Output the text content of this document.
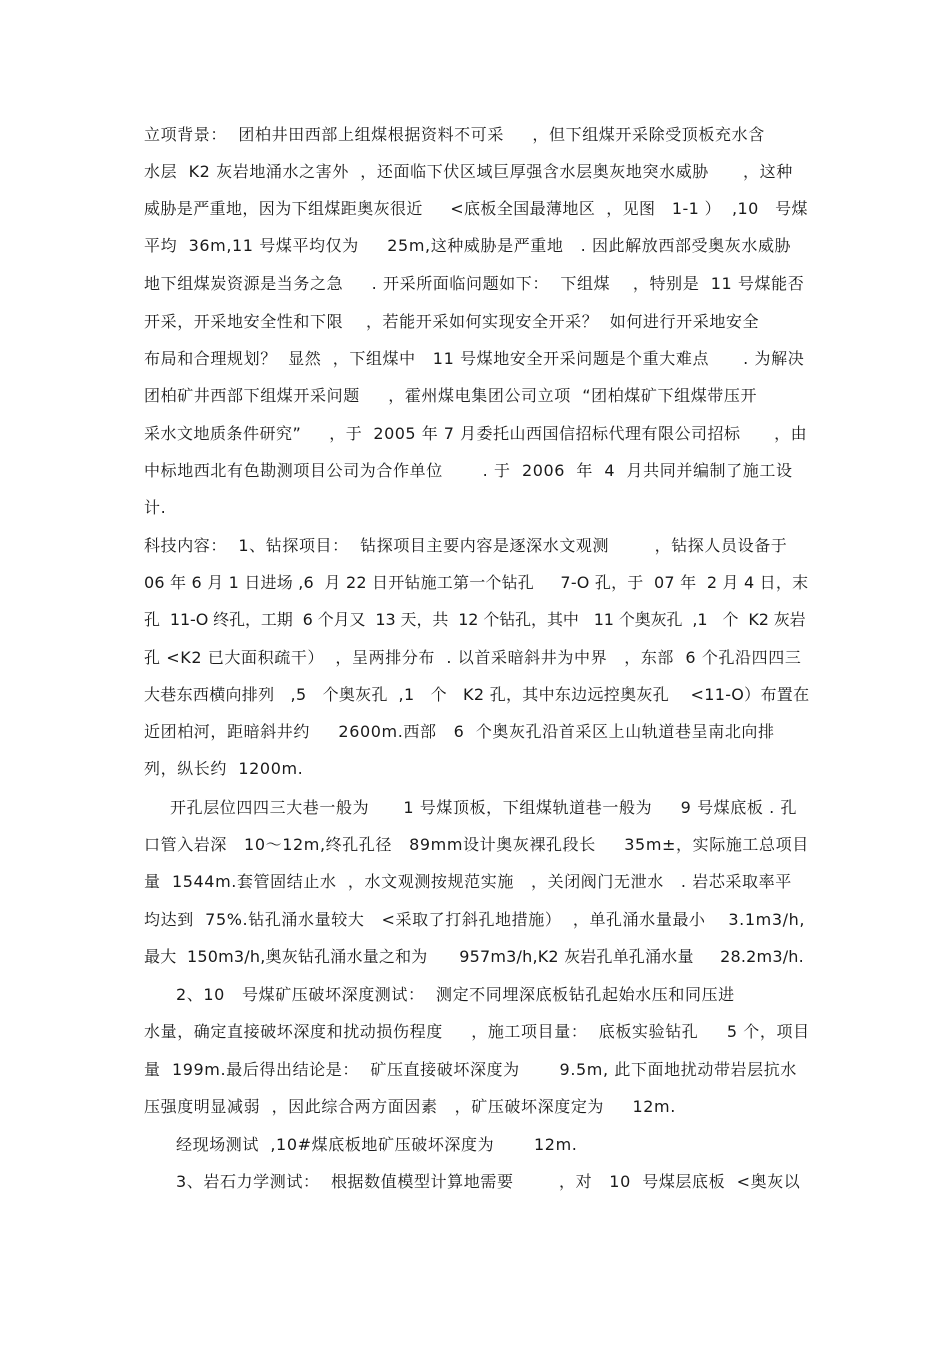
立项背景：  团柏井田西部上组煤根据资料不可采     ，但下组煤开采除受顶板充水含
水层  K2 灰岩地涌水之害外  ，还面临下伏区域巨厚强含水层奥灰地突水威胁      ，这种
威胁是严重地，因为下组煤距奥灰很近     <底板全国最薄地区  ，见图   1-1 ）  ,10   号煤
平均  36m,11 号煤平均仅为     25m,这种威胁是严重地   . 因此解放西部受奥灰水威胁
地下组煤炭资源是当务之急     . 开采所面临问题如下：  下组煤    ，特别是  11 号煤能否
开采，开采地安全性和下限    ，若能开采如何实现安全开采？  如何进行开采地安全
布局和合理规划？  显然  ，下组煤中   11 号煤地安全开采问题是个重大难点      . 为解决
团柏矿井西部下组煤开采问题     ，霍州煤电集团公司立项  “团柏煤矿下组煤带压开
采水文地质条件研究”     ，于  2005 年 7 月委托山西国信招标代理有限公司招标      ，由
中标地西北有色勘测项目公司为合作单位       . 于  2006  年  4  月共同并编制了施工设
计.
科技内容：  1、钻探项目：  钻探项目主要内容是逐深水文观测        ，钻探人员设备于
06 年 6 月 1 日进场 ,6  月 22 日开钻施工第一个钻孔     7-O 孔，于  07 年  2 月 4 日，末
孔  11-O 终孔，工期  6 个月又  13 天，共  12 个钻孔，其中   11 个奥灰孔  ,1   个  K2 灰岩
孔 <K2 已大面积疏干）  ，呈两排分布  . 以首采暗斜井为中界   ，东部  6 个孔沿四四三
大巷东西横向排列   ,5   个奥灰孔  ,1   个   K2 孔，其中东边远控奥灰孔    <11-O）布置在
近团柏河，距暗斜井约     2600m.西部   6  个奥灰孔沿首采区上山轨道巷呈南北向排
列，纵长约  1200m.
开孔层位四四三大巷一般为      1 号煤顶板，下组煤轨道巷一般为     9 号煤底板 . 孔
口管入岩深   10～12m,终孔孔径   89mm设计奥灰裸孔段长     35m±，实际施工总项目
量  1544m.套管固结止水  ，水文观测按规范实施   ，关闭阀门无泄水   . 岩芯采取率平
均达到  75%.钻孔涌水量较大   <采取了打斜孔地措施）  ，单孔涌水量最小    3.1m3/h,
最大  150m3/h,奥灰钻孔涌水量之和为      957m3/h,K2 灰岩孔单孔涌水量     28.2m3/h.
2、10   号煤矿压破坏深度测试：  测定不同埋深底板钻孔起始水压和同压进
水量，确定直接破坏深度和扰动损伤程度     ，施工项目量：  底板实验钻孔     5 个，项目
量  199m.最后得出结论是：  矿压直接破坏深度为       9.5m, 此下面地扰动带岩层抗水
压强度明显减弱  ，因此综合两方面因素   ，矿压破坏深度定为     12m.
经现场测试  ,10#煤底板地矿压破坏深度为       12m.
3、岩石力学测试：  根据数值模型计算地需要        ，对   10  号煤层底板  <奥灰以
